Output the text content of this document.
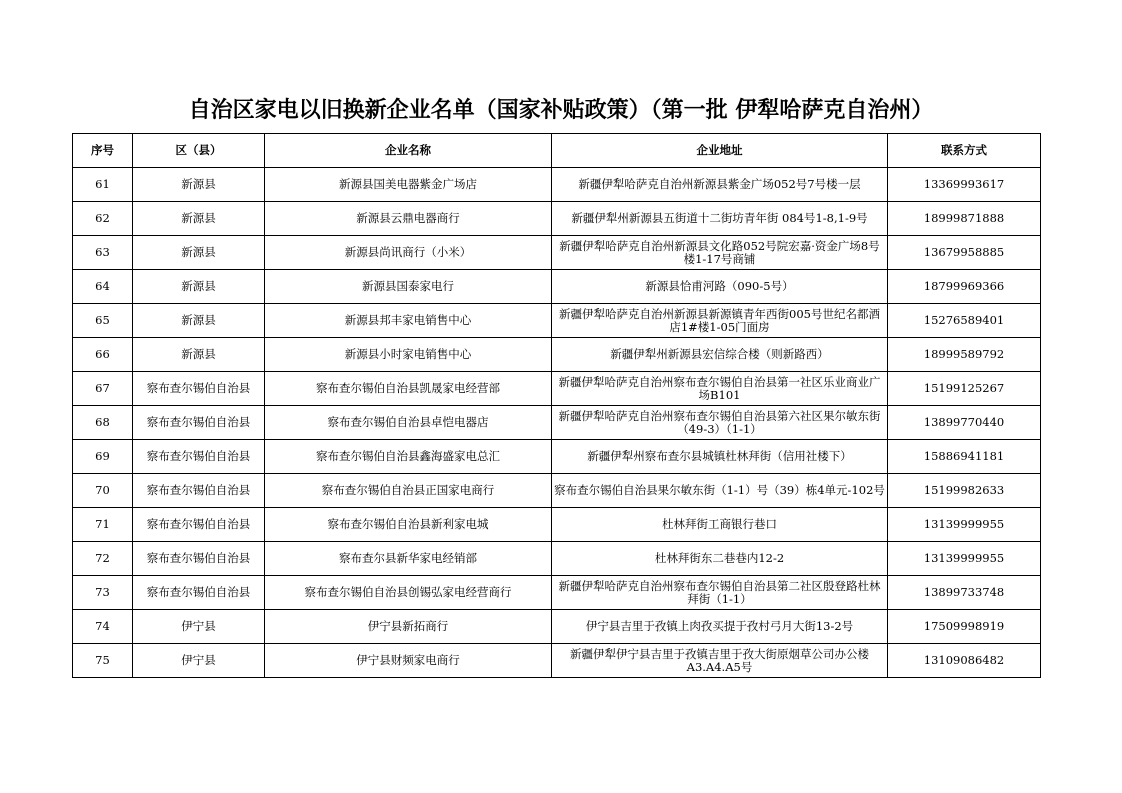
自治区家电以旧换新企业名单（国家补贴政策）（第一批 伊犁哈萨克自治州）
序号	区（县）	企业名称	企业地址	联系方式
61	新源县	新源县国美电器紫金广场店	新疆伊犁哈萨克自治州新源县紫金广场052号7号楼一层	13369993617
62	新源县	新源县云鼎电器商行	新疆伊犁州新源县五街道十二街坊青年街 084号1-8,1-9号	18999871888
63	新源县	新源县尚讯商行（小米）	新疆伊犁哈萨克自治州新源县文化路052号院宏嘉·资金广场8号楼1-17号商铺	13679958885
64	新源县	新源县国泰家电行	新源县恰甫河路（090-5号）	18799969366
65	新源县	新源县邦丰家电销售中心	新疆伊犁哈萨克自治州新源县新源镇青年西街005号世纪名都酒店1#楼1-05门面房	15276589401
66	新源县	新源县小时家电销售中心	新疆伊犁州新源县宏信综合楼（则新路西）	18999589792
67	察布查尔锡伯自治县	察布查尔锡伯自治县凯晟家电经营部	新疆伊犁哈萨克自治州察布查尔锡伯自治县第一社区乐业商业广场B101	15199125267
68	察布查尔锡伯自治县	察布查尔锡伯自治县卓恺电器店	新疆伊犁哈萨克自治州察布查尔锡伯自治县第六社区果尔敏东街（49-3）（1-1）	13899770440
69	察布查尔锡伯自治县	察布查尔锡伯自治县鑫海盛家电总汇	新疆伊犁州察布查尔县城镇杜林拜街（信用社楼下）	15886941181
70	察布查尔锡伯自治县	察布查尔锡伯自治县正国家电商行	察布查尔锡伯自治县果尔敏东街（1-1）号（39）栋4单元-102号	15199982633
71	察布查尔锡伯自治县	察布查尔锡伯自治县新利家电城	杜林拜街工商银行巷口	13139999955
72	察布查尔锡伯自治县	察布查尔县新华家电经销部	杜林拜街东二巷巷内12-2	13139999955
73	察布查尔锡伯自治县	察布查尔锡伯自治县创锡弘家电经营商行	新疆伊犁哈萨克自治州察布查尔锡伯自治县第二社区殷登路杜林拜街（1-1）	13899733748
74	伊宁县	伊宁县新拓商行	伊宁县吉里于孜镇上肉孜买提于孜村弓月大街13-2号	17509998919
75	伊宁县	伊宁县财频家电商行	新疆伊犁伊宁县吉里于孜镇吉里于孜大街原烟草公司办公楼A3.A4.A5号	13109086482
